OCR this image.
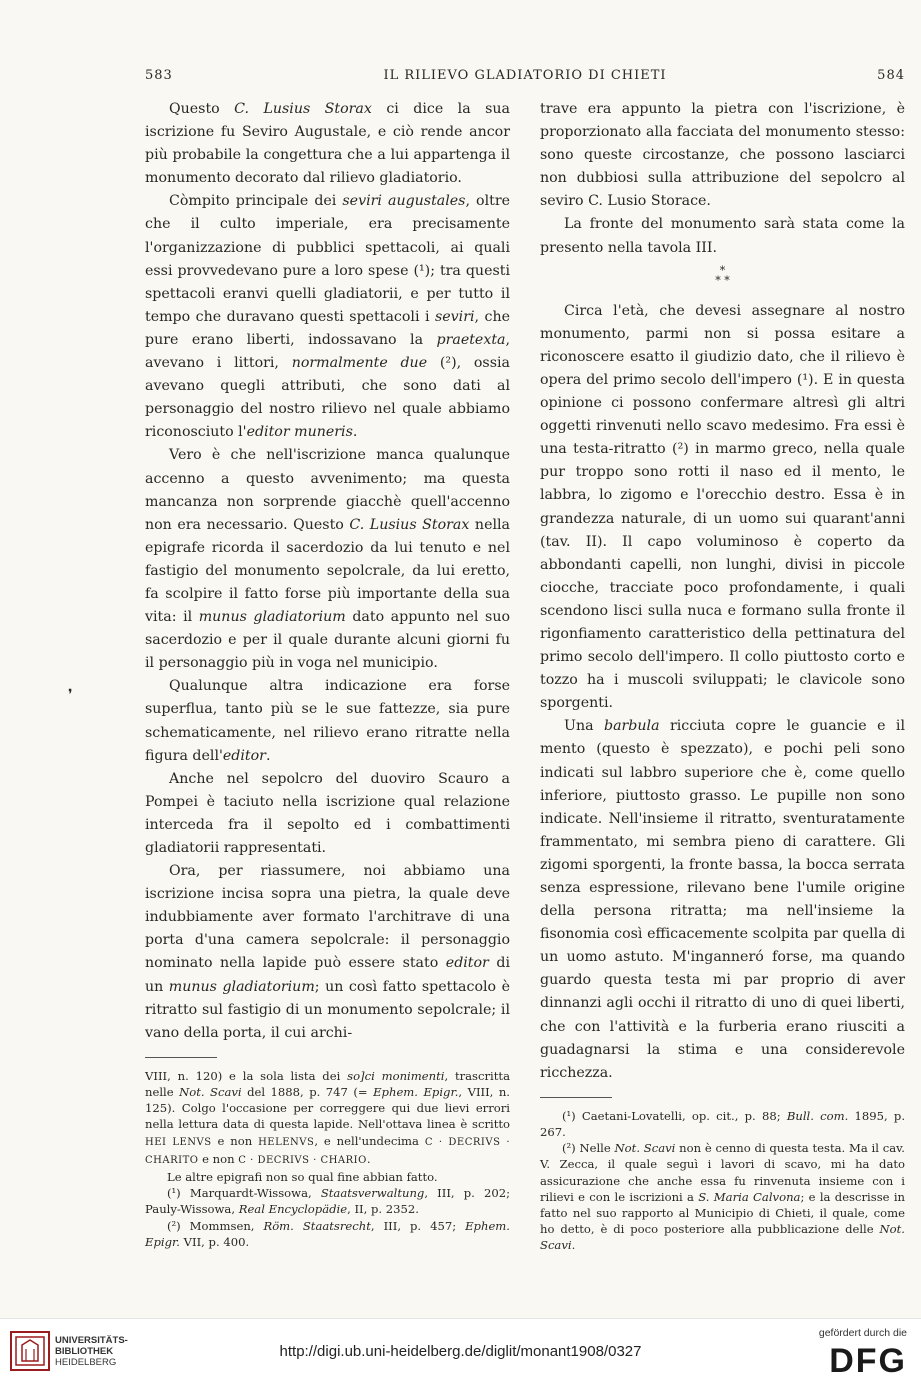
583	IL RILIEVO GLADIATORIO DI CHIETI	584
❜

Questo C. Lusius Storax ci dice la sua iscrizione fu Seviro Augustale, e ciò rende ancor più probabile la congettura che a lui appartenga il monumento decorato dal rilievo gladiatorio.

Còmpito principale dei seviri augustales, oltre che il culto imperiale, era precisamente l'organizzazione di pubblici spettacoli, ai quali essi provvedevano pure a loro spese (¹); tra questi spettacoli eranvi quelli gladiatorii, e per tutto il tempo che duravano questi spettacoli i seviri, che pure erano liberti, indossavano la praetexta, avevano i littori, normalmente due (²), ossia avevano quegli attributi, che sono dati al personaggio del nostro rilievo nel quale abbiamo riconosciuto l'editor muneris.

Vero è che nell'iscrizione manca qualunque accenno a questo avvenimento; ma questa mancanza non sorprende giacchè quell'accenno non era necessario. Questo C. Lusius Storax nella epigrafe ricorda il sacerdozio da lui tenuto e nel fastigio del monumento sepolcrale, da lui eretto, fa scolpire il fatto forse più importante della sua vita: il munus gladiatorium dato appunto nel suo sacerdozio e per il quale durante alcuni giorni fu il personaggio più in voga nel municipio.

Qualunque altra indicazione era forse superflua, tanto più se le sue fattezze, sia pure schematicamente, nel rilievo erano ritratte nella figura dell'editor.

Anche nel sepolcro del duoviro Scauro a Pompei è taciuto nella iscrizione qual relazione interceda fra il sepolto ed i combattimenti gladiatorii rappresentati.

Ora, per riassumere, noi abbiamo una iscrizione incisa sopra una pietra, la quale deve indubbiamente aver formato l'architrave di una porta d'una camera sepolcrale: il personaggio nominato nella lapide può essere stato editor di un munus gladiatorium; un così fatto spettacolo è ritratto sul fastigio di un monumento sepolcrale; il vano della porta, il cui archi-

VIII, n. 120) e la sola lista dei so]ci monimenti, trascritta nelle Not. Scavi del 1888, p. 747 (= Ephem. Epigr., VIII, n. 125). Colgo l'occasione per correggere qui due lievi errori nella lettura data di questa lapide. Nell'ottava linea è scritto HEI LENVS e non HELENVS, e nell'undecima C · DECRIVS · CHARITO e non C · DECRIVS · CHARIO.

Le altre epigrafi non so qual fine abbian fatto.

(¹) Marquardt-Wissowa, Staatsverwaltung, III, p. 202; Pauly-Wissowa, Real Encyclopädie, II, p. 2352.

(²) Mommsen, Röm. Staatsrecht, III, p. 457; Ephem. Epigr. VII, p. 400.

trave era appunto la pietra con l'iscrizione, è proporzionato alla facciata del monumento stesso: sono queste circostanze, che possono lasciarci non dubbiosi sulla attribuzione del sepolcro al seviro C. Lusio Storace.

La fronte del monumento sarà stata come la presento nella tavola III.

*
* *

Circa l'età, che devesi assegnare al nostro monumento, parmi non si possa esitare a riconoscere esatto il giudizio dato, che il rilievo è opera del primo secolo dell'impero (¹). E in questa opinione ci possono confermare altresì gli altri oggetti rinvenuti nello scavo medesimo. Fra essi è una testa-ritratto (²) in marmo greco, nella quale pur troppo sono rotti il naso ed il mento, le labbra, lo zigomo e l'orecchio destro. Essa è in grandezza naturale, di un uomo sui quarant'anni (tav. II). Il capo voluminoso è coperto da abbondanti capelli, non lunghi, divisi in piccole ciocche, tracciate poco profondamente, i quali scendono lisci sulla nuca e formano sulla fronte il rigonfiamento caratteristico della pettinatura del primo secolo dell'impero. Il collo piuttosto corto e tozzo ha i muscoli sviluppati; le clavicole sono sporgenti.

Una barbula ricciuta copre le guancie e il mento (questo è spezzato), e pochi peli sono indicati sul labbro superiore che è, come quello inferiore, piuttosto grasso. Le pupille non sono indicate. Nell'insieme il ritratto, sventuratamente frammentato, mi sembra pieno di carattere. Gli zigomi sporgenti, la fronte bassa, la bocca serrata senza espressione, rilevano bene l'umile origine della persona ritratta; ma nell'insieme la fisonomia così efficacemente scolpita par quella di un uomo astuto. M'inganneró forse, ma quando guardo questa testa mi par proprio di aver dinnanzi agli occhi il ritratto di uno di quei liberti, che con l'attività e la furberia erano riusciti a guadagnarsi la stima e una considerevole ricchezza.

(¹) Caetani-Lovatelli, op. cit., p. 88; Bull. com. 1895, p. 267.

(²) Nelle Not. Scavi non è cenno di questa testa. Ma il cav. V. Zecca, il quale seguì i lavori di scavo, mi ha dato assicurazione che anche essa fu rinvenuta insieme con i rilievi e con le iscrizioni a S. Maria Calvona; e la descrisse in fatto nel suo rapporto al Municipio di Chieti, il quale, come ho detto, è di poco posteriore alla pubblicazione delle Not. Scavi.

UNIVERSITÄTS-
BIBLIOTHEK
HEIDELBERG
http://digi.ub.uni-heidelberg.de/diglit/monant1908/0327
gefördert durch die
DFG
